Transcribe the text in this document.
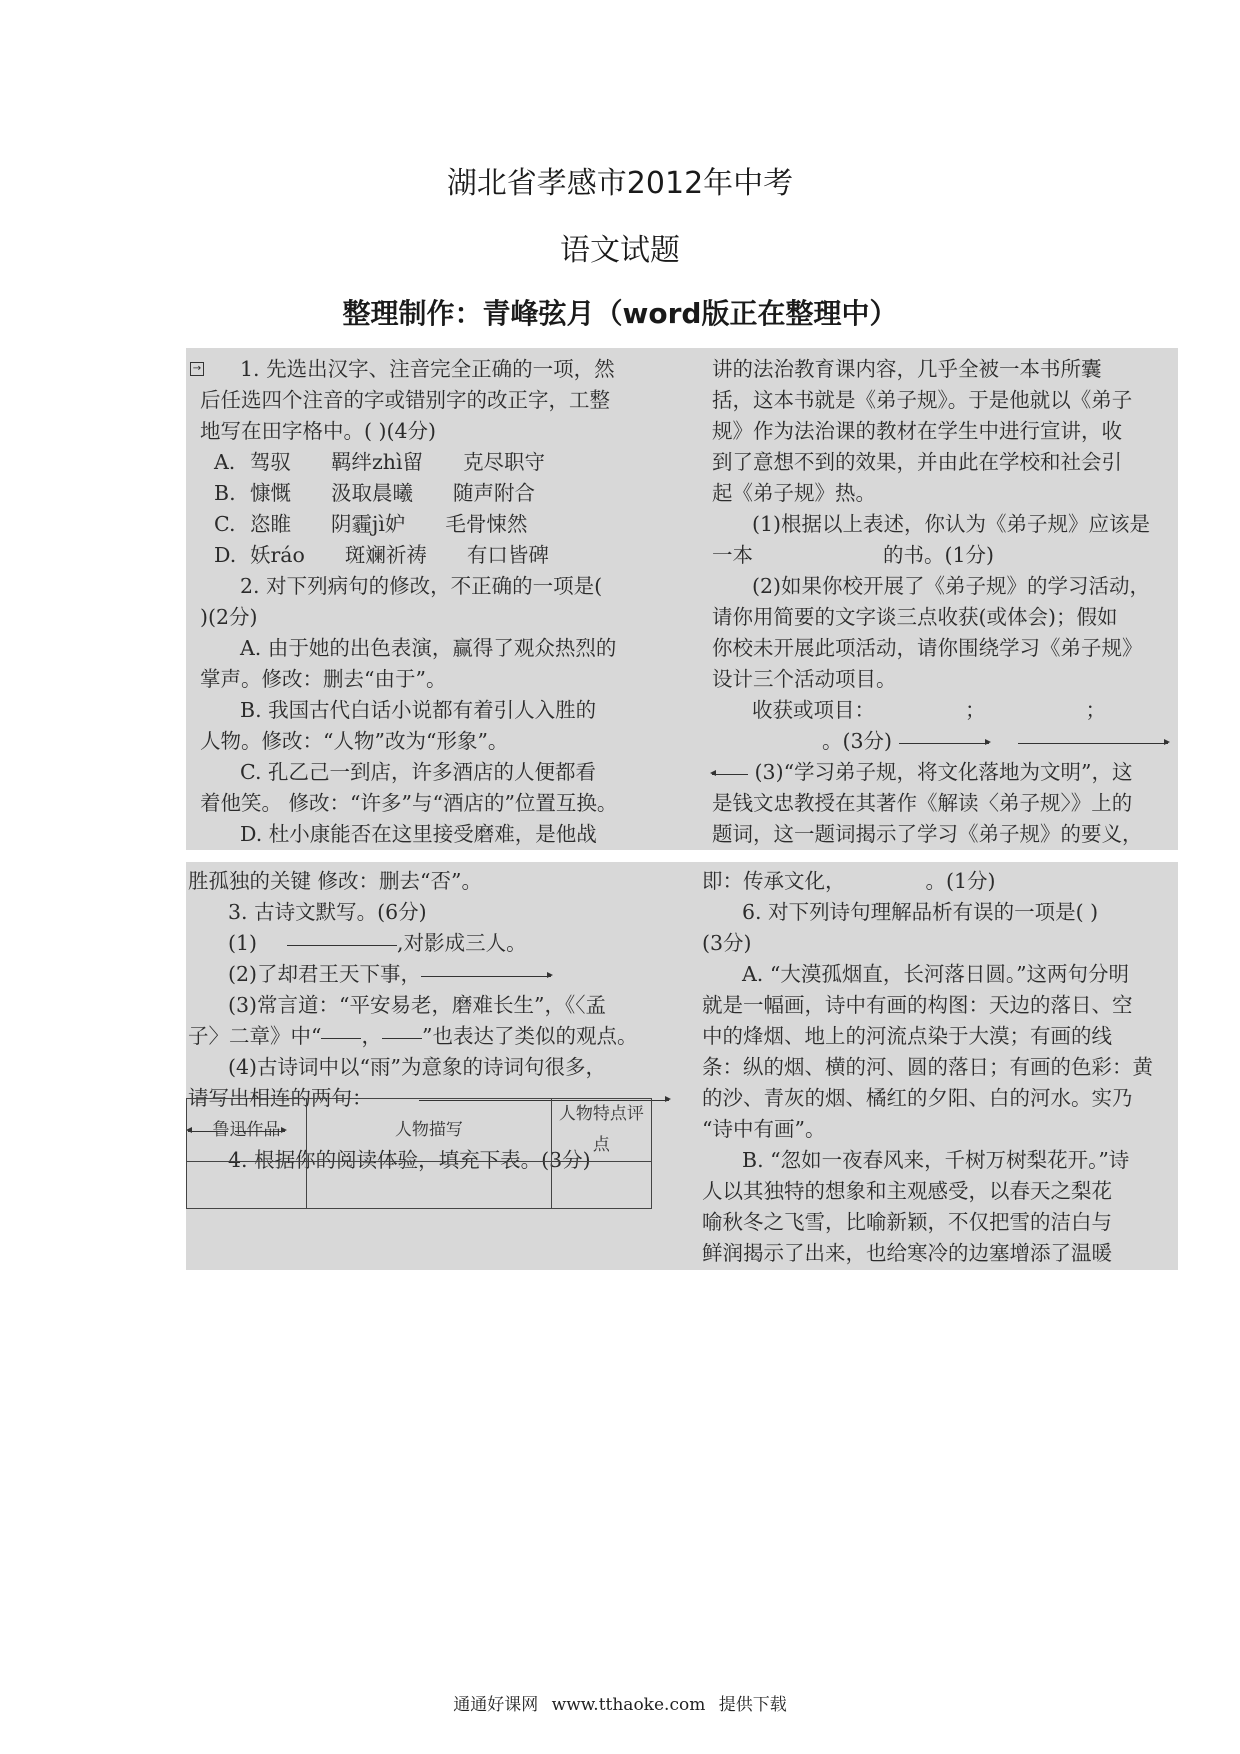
湖北省孝感市2012年中考
语文试题
整理制作：青峰弦月（word版正在整理中）
→	1. 先选出汉字、注音完全正确的一项，然

后任选四个注音的字或错别字的改正字，工整

地写在田字格中。( )(4分)

A. 驾驭 羁绊zhì留 克尽职守

B. 慷慨 汲取晨曦 随声附合

C. 恣睢 阴霾jì妒 毛骨悚然

D. 妖ráo 斑斓祈祷 有口皆碑

2. 对下列病句的修改，不正确的一项是(

)(2分)

A. 由于她的出色表演，赢得了观众热烈的

掌声。修改：删去“由于”。

B. 我国古代白话小说都有着引人入胜的

人物。修改：“人物”改为“形象”。

C. 孔乙己一到店，许多酒店的人便都看

着他笑。 修改：“许多”与“酒店的”位置互换。

D. 杜小康能否在这里接受磨难，是他战

讲的法治教育课内容，几乎全被一本书所囊

括，这本书就是《弟子规》。于是他就以《弟子

规》作为法治课的教材在学生中进行宣讲，收

到了意想不到的效果，并由此在学校和社会引

起《弟子规》热。

(1)根据以上表述，你认为《弟子规》应该是

一本	的书。(1分)

(2)如果你校开展了《弟子规》的学习活动，

请你用简要的文字谈三点收获(或体会)；假如

你校未开展此项活动，请你围绕学习《弟子规》

设计三个活动项目。

收获或项目：	；	；

。(3分)

(3)“学习弟子规，将文化落地为文明”，这

是钱文忠教授在其著作《解读〈弟子规〉》上的

题词，这一题词揭示了学习《弟子规》的要义，

胜孤独的关键 修改：删去“否”。

3. 古诗文默写。(6分)

(1)	,对影成三人。

(2)了却君王天下事，

(3)常言道：“平安易老，磨难长生”，《〈孟

子〉二章》中“ ， ”也表达了类似的观点。

(4)古诗词中以“雨”为意象的诗词句很多，

请写出相连的两句：

4. 根据你的阅读体验，填充下表。(3分)

鲁迅作品	人物描写	人物特点评点

即：传承文化，	。(1分)

6. 对下列诗句理解品析有误的一项是( )

(3分)

A. “大漠孤烟直，长河落日圆。”这两句分明

就是一幅画，诗中有画的构图：天边的落日、空

中的烽烟、地上的河流点染于大漠；有画的线

条：纵的烟、横的河、圆的落日；有画的色彩：黄

的沙、青灰的烟、橘红的夕阳、白的河水。实乃

“诗中有画”。

B. “忽如一夜春风来，千树万树梨花开。”诗

人以其独特的想象和主观感受，以春天之梨花

喻秋冬之飞雪，比喻新颖，不仅把雪的洁白与

鲜润揭示了出来，也给寒冷的边塞增添了温暖

通通好课网 www.tthaoke.com 提供下载
